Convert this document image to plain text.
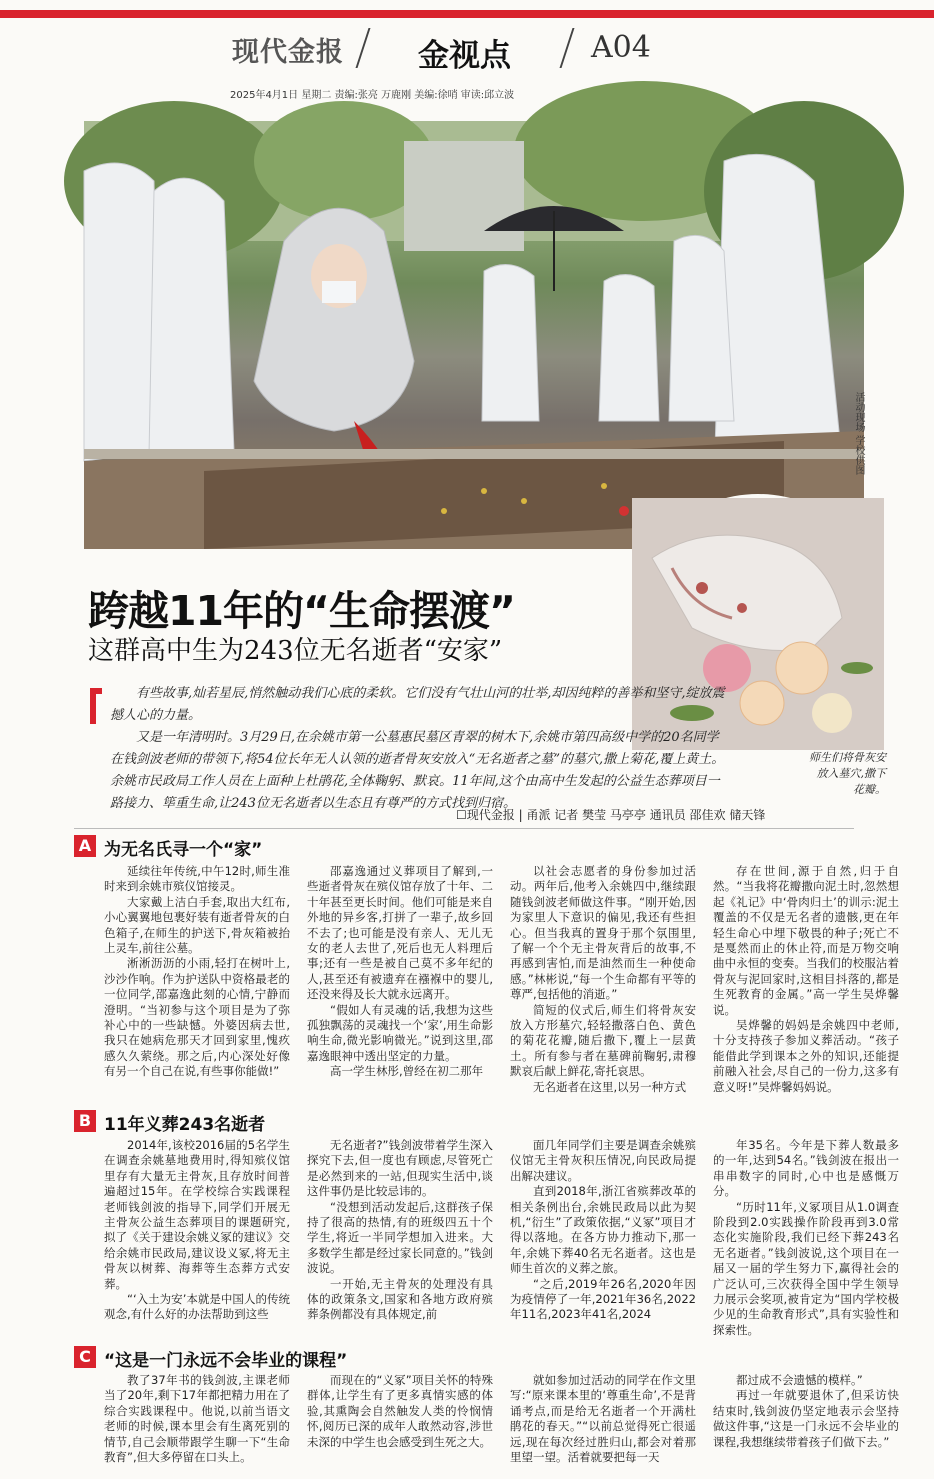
现代金报 金视点	A04
2025年4月1日 星期二 责编:张亮 万鹿刚 美编:徐哨 审读:邱立波
活动现场 学校供图
跨越11年的“生命摆渡”
这群高中生为243位无名逝者“安家”

有些故事,灿若星辰,悄然触动我们心底的柔软。它们没有气壮山河的壮举,却因纯粹的善举和坚守,绽放震撼人心的力量。

又是一年清明时。3月29日,在余姚市第一公墓惠民墓区青翠的树木下,余姚市第四高级中学的20名同学在钱剑波老师的带领下,将54位长年无人认领的逝者骨灰安放入“无名逝者之墓”的墓穴,撒上菊花,覆上黄土。余姚市民政局工作人员在上面种上杜鹃花,全体鞠躬、默哀。11年间,这个由高中生发起的公益生态葬项目一路接力、筚重生命,让243位无名逝者以生态且有尊严的方式找到归宿。

师生们将骨灰安放入墓穴,撒下花瓣。
☐现代金报 | 甬派 记者 樊莹 马亭亭 通讯员 邵佳欢 储天锋
A 为无名氏寻一个“家”

延续往年传统,中午12时,师生准时来到余姚市殡仪馆接灵。

大家戴上洁白手套,取出大红布,小心翼翼地包裹好装有逝者骨灰的白色箱子,在师生的护送下,骨灰箱被抬上灵车,前往公墓。

淅淅沥沥的小雨,轻打在树叶上,沙沙作响。作为护送队中资格最老的一位同学,邵嘉逸此刻的心情,宁静而澄明。“当初参与这个项目是为了弥补心中的一些缺憾。外婆因病去世,我只在她病危那天才回到家里,愧疚感久久萦绕。那之后,内心深处好像有另一个自己在说,有些事你能做!”

邵嘉逸通过义葬项目了解到,一些逝者骨灰在殡仪馆存放了十年、二十年甚至更长时间。他们可能是来自外地的异乡客,打拼了一辈子,故乡回不去了;也可能是没有亲人、无儿无女的老人去世了,死后也无人料理后事;还有一些是被自己莫不多年纪的人,甚至还有被遗弃在襁褓中的婴儿,还没来得及长大就永远离开。

“假如人有灵魂的话,我想为这些孤独飘荡的灵魂找一个‘家’,用生命影响生命,微光影响微光。”说到这里,邵嘉逸眼神中透出坚定的力量。

高一学生林彤,曾经在初二那年

以社会志愿者的身份参加过活动。两年后,他考入余姚四中,继续跟随钱剑波老师做这件事。“刚开始,因为家里人下意识的偏见,我还有些担心。但当我真的置身于那个氛围里,了解一个个无主骨灰背后的故事,不再感到害怕,而是油然而生一种使命感。”林彬说,“每一个生命都有平等的尊严,包括他的消逝。”

简短的仪式后,师生们将骨灰安放入方形墓穴,轻轻撒落白色、黄色的菊花花瓣,随后撒下,覆上一层黄土。所有参与者在墓碑前鞠躬,肃穆默哀后献上鲜花,寄托哀思。

无名逝者在这里,以另一种方式

存在世间,源于自然,归于自然。“当我将花瓣撒向泥土时,忽然想起《礼记》中‘骨肉归土’的训示:泥土覆盖的不仅是无名者的遗骸,更在年轻生命心中埋下敬畏的种子;死亡不是戛然而止的休止符,而是万物交响曲中永恒的变奏。当我们的校服沾着骨灰与泥回家时,这相目抖落的,都是生死教育的金属。”高一学生吴烨馨说。

吴烨馨的妈妈是余姚四中老师,十分支持孩子参加义葬活动。“孩子能借此学到课本之外的知识,还能提前融入社会,尽自己的一份力,这多有意义呀!”吴烨馨妈妈说。

B 11年义葬243名逝者

2014年,该校2016届的5名学生在调查余姚墓地费用时,得知殡仪馆里存有大量无主骨灰,且存放时间普遍超过15年。在学校综合实践课程老师钱剑波的指导下,同学们开展无主骨灰公益生态葬项目的课题研究,拟了《关于建设余姚义冢的建议》交给余姚市民政局,建议设义冢,将无主骨灰以树葬、海葬等生态葬方式安葬。

“‘入土为安’本就是中国人的传统观念,有什么好的办法帮助到这些

无名逝者?”钱剑波带着学生深入探究下去,但一度也有顾虑,尽管死亡是必然到来的一站,但现实生活中,谈这件事仍是比较忌讳的。

“没想到活动发起后,这群孩子保持了很高的热情,有的班级四五十个学生,将近一半同学想加入进来。大多数学生都是经过家长同意的。”钱剑波说。

一开始,无主骨灰的处理没有具体的政策条文,国家和各地方政府殡葬条例都没有具体规定,前

面几年同学们主要是调查余姚殡仪馆无主骨灰积压情况,向民政局提出解决建议。

直到2018年,浙江省殡葬改革的相关条例出台,余姚民政局以此为契机,“衍生”了政策依据,“义冢”项目才得以落地。在各方协力推动下,那一年,余姚下葬40名无名逝者。这也是师生首次的义葬之旅。

“之后,2019年26名,2020年因为疫情停了一年,2021年36名,2022年11名,2023年41名,2024

年35名。今年是下葬人数最多的一年,达到54名。”钱剑波在报出一串串数字的同时,心中也是感慨万分。

“历时11年,义冢项目从1.0调查阶段到2.0实践操作阶段再到3.0常态化实施阶段,我们已经下葬243名无名逝者。”钱剑波说,这个项目在一届又一届的学生努力下,赢得社会的广泛认可,三次获得全国中学生领导力展示会奖项,被肯定为“国内学校极少见的生命教育形式”,具有实验性和探索性。

C “这是一门永远不会毕业的课程”

教了37年书的钱剑波,主课老师当了20年,剩下17年都把精力用在了综合实践课程中。他说,以前当语文老师的时候,课本里会有生离死别的情节,自己会顺带跟学生聊一下“生命教育”,但大多停留在口头上。

而现在的“义冢”项目关怀的特殊群体,让学生有了更多真情实感的体验,其熏陶会自然触发人类的怜悯情怀,阅历已深的成年人敢然动容,涉世未深的中学生也会感受到生死之大。

就如参加过活动的同学在作文里写:“原来课本里的‘尊重生命’,不是背诵考点,而是给无名逝者一个开满杜鹃花的春天。”“以前总觉得死亡很遥远,现在每次经过胜归山,都会对着那里望一望。活着就要把每一天

都过成不会遗憾的模样。”

再过一年就要退休了,但采访快结束时,钱剑波仍坚定地表示会坚持做这件事,“这是一门永远不会毕业的课程,我想继续带着孩子们做下去。”
